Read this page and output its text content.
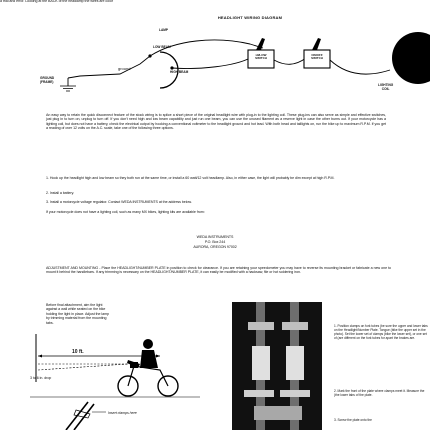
a trial and error. Looking at the BACK of the headlamp the wires are color
HEADLIGHT WIRING DIAGRAM
LAMP
LOW BEAM
HIGH BEAM
ground
GROUND
(FRAME)
HI/LOW
SWITCH
ON/OFF
SWITCH
LIGHTING
COIL
An easy way to retain the quick disconnect feature of the stock wiring is to splice a short piece of the original headlight wire with plug-in to the lighting coil. These plug-ins can also serve as simple and effective switches, just plug in to turn on, unplug to turn off. If you don't need high and low beam capability and just run one beam, you can use the unused filament as a reserve light in case the other burns out. If your motorcycle has a lighting coil, but does not have a battery, check the electrical output by hooking a conventional voltmeter to the headlight ground and hot lead. With both head and taillights on, run the bike up to maximum R.P.M. If you get a reading of over 12 volts on the A.C. scale, take one of the following three options.
1. Hook up the headlight high and low beam so they both run at the same time, or install a 60 watt/12 volt headlamp. Also, in either case, the light will probably be dim except at high R.P.M.
2. Install a battery.
3. Install a motorcycle voltage regulator. Contact WEDA INSTRUMENTS at the address below.
If your motorcycle does not have a lighting coil, such as many MX bikes, lighting kits are available from:
WEDA INSTRUMENTS
P.O. Box 244
AURORA, OREGON 97002
ADJUSTMENT AND MOUNTING - Place the HEADLIGHT/NUMBER PLATE in position to check for clearance. If you are retaining your speedometer you may have to reverse its mounting bracket or fabricate a new one to mount it behind the handlebars. If any trimming is necessary on the HEADLIGHT/NUMBER PLATE, it can easily be modified with a hacksaw, file or hot soldering iron.
Before final attachment, aim the light against a wall while seated on the bike holding the light in place. Adjust the lamp by trimming material from the mounting tabs.
10 ft.
3 to 6 in. drop
Insert clamps here
1. Position clamps on fork tubes (be sure the upper and lower tabs on the Headlight/Number Plate. Tongue (bike the upper set in the photo). Set the lower set of clamps (bike the lower set), or one set of (are different on the fork tubes for apart the brakes are.
2. Mark the front of the plate where clamps meet it. Measure the (the lower tabs of the plate.
3. Screw the plate onto the
